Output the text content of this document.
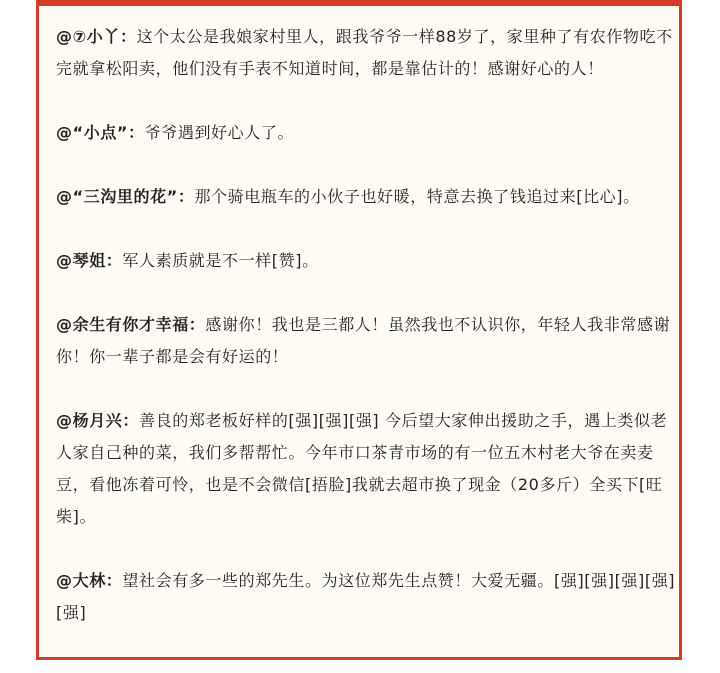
@⑦小丫：这个太公是我娘家村里人，跟我爷爷一样88岁了，家里种了有农作物吃不完就拿松阳卖，他们没有手表不知道时间，都是靠估计的！感谢好心的人！

@“小点”：爷爷遇到好心人了。

@“三沟里的花”：那个骑电瓶车的小伙子也好暖，特意去换了钱追过来[比心]。

@琴姐：军人素质就是不一样[赞]。

@余生有你才幸福：感谢你！我也是三都人！虽然我也不认识你，年轻人我非常感谢你！你一辈子都是会有好运的！

@杨月兴：善良的郑老板好样的[强][强][强] 今后望大家伸出援助之手，遇上类似老人家自己种的菜，我们多帮帮忙。今年市口茶青市场的有一位五木村老大爷在卖麦豆，看他冻着可怜，也是不会微信[捂脸]我就去超市换了现金（20多斤）全买下[旺柴]。

@大林：望社会有多一些的郑先生。为这位郑先生点赞！大爱无疆。[强][强][强][强][强]
